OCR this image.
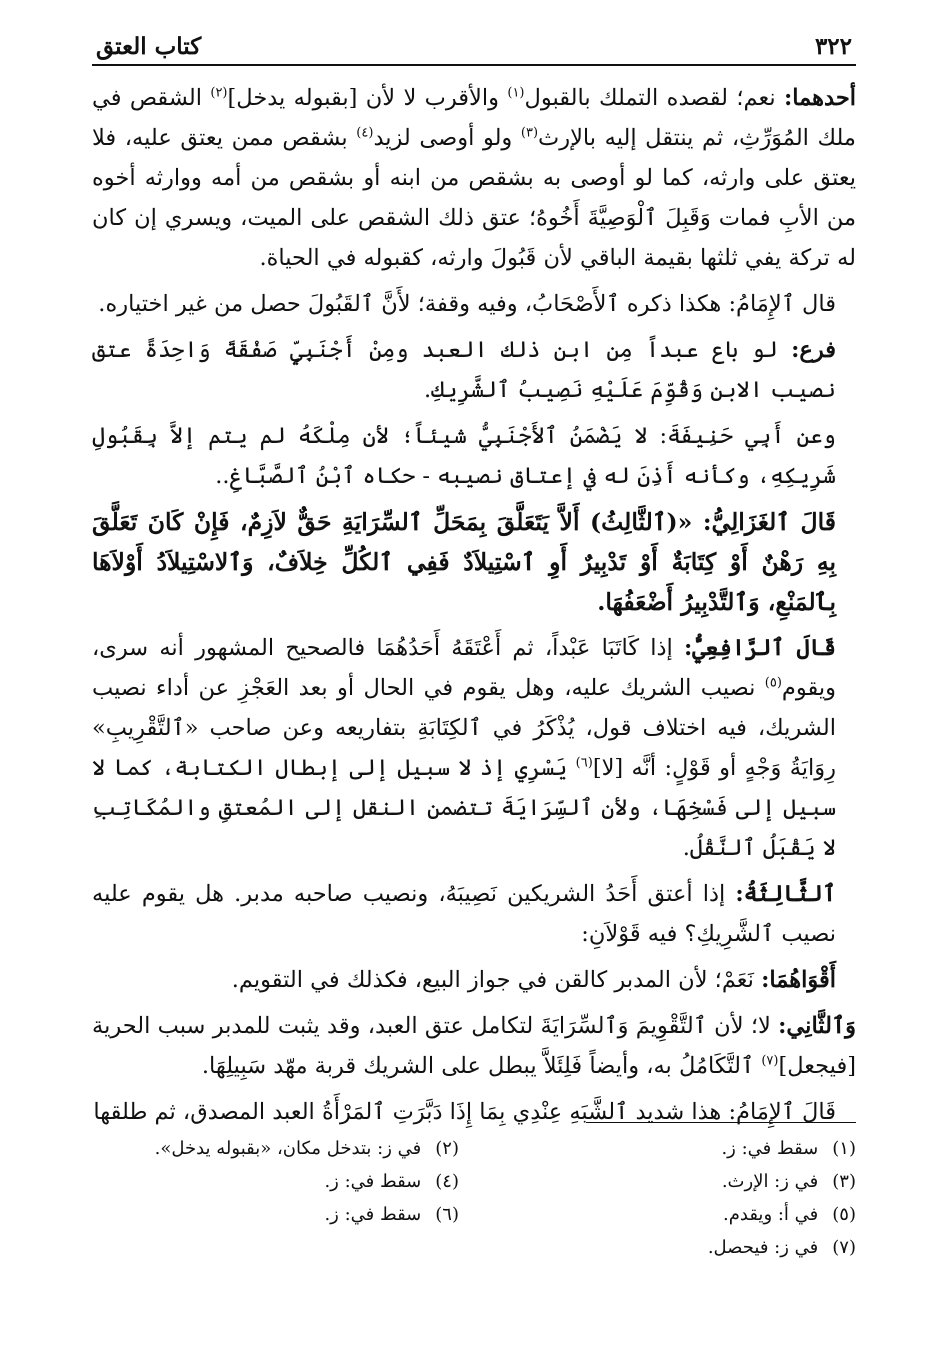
٣٢٢
كتاب العتق

أحدهما: نعم؛ لقصده التملك بالقبول$^{(١)}$ والأقرب لا لأن [بقبوله يدخل]$^{(٢)}$ الشقص في ملك المُوَرِّثِ، ثم ينتقل إليه بالإرث$^{(٣)}$ ولو أوصى لزيد$^{(٤)}$ بشقص ممن يعتق عليه، فلا يعتق على وارثه، كما لو أوصى به بشقص من ابنه أو بشقص من أمه ووارثه أخوه من الأبِ فمات وَقَبِلَ ٱلْوَصِيَّةَ أَخُوهُ؛ عتق ذلك الشقص على الميت، ويسري إن كان له تركة يفي ثلثها بقيمة الباقي لأن قَبُولَ وارثه، كقبوله في الحياة.

قال ٱلإِمَامُ: هكذا ذكره ٱلأَصْحَابُ، وفيه وقفة؛ لأَنَّ ٱلقَبُولَ حصل من غير اختياره.

فرع: لو باع عبداً مِن ابن ذلك العبد ومِنْ أَجْنَبِيٍّ صَفْقَةً وَاحِدَةً عتق نصيب الابن وَقُوِّمَ عَلَيْهِ نَصِيبُ ٱلشَّرِيكِ.

وعن أَبِي حَنِيفَةَ: لا يَضْمَنُ ٱلأَجْنَبِيُّ شيئاً؛ لأن مِلْكَهُ لم يتم إلاَّ بِقَبُولِ شَرِيكِهِ، وكأنه أَذِنَ له في إعتاق نصيبه - حكاه ٱبْنُ ٱلصَّبَّاغِ..

قَالَ ٱلغَزَالِيُّ: «(ٱلثَّالِثُ) أَلاَّ يَتَعَلَّقَ بِمَحَلِّ ٱلسِّرَايَةِ حَقٌّ لاَزِمٌ، فَإِنْ كَانَ تَعَلَّقَ بِهِ رَهْنٌ أَوْ كِتَابَةٌ أَوْ تَدْبِيرٌ أَوِ ٱسْتِيلاَدٌ فَفِي ٱلكُلِّ خِلاَفٌ، وَٱلاسْتِيلاَدُ أَوْلاَهَا بِٱلمَنْعِ، وَٱلتَّدْبِيرُ أَضْعَفُهَا.

قَالَ ٱلرَّافِعِيُّ: إذا كَاتَبَا عَبْداً، ثم أَعْتَقَهُ أَحَدُهُمَا فالصحيح المشهور أنه سرى، ويقوم$^{(٥)}$ نصيب الشريك عليه، وهل يقوم في الحال أو بعد العَجْزِ عن أداء نصيب الشريك، فيه اختلاف قول، يُذْكَرُ في ٱلكِتَابَةِ بتفاريعه وعن صاحب «ٱلتَّقْرِيبِ» رِوَايَةُ وَجْهٍ أو قَوْلٍ: أنَّه [لا]$^{(٦)}$ يَسْرِي إذ لا سبيل إلى إبطال الكتابة، كما لا سبيل إلى فَسْخِهَا، ولأن ٱلسِّرَايَةَ تتضمن النقل إلى المُعتقِ والمُكَاتِبِ لا يَقْبَلُ ٱلنَّقْلُ.

ٱلثَّالِثَةُ: إذا أعتق أَحَدُ الشريكين نَصِيبَهُ، ونصيب صاحبه مدبر. هل يقوم عليه نصيب ٱلشَّرِيكِ؟ فيه قَوْلاَنِ:

أَقْوَاهُمَا: نَعَمْ؛ لأن المدبر كالقن في جواز البيع، فكذلك في التقويم.

وَٱلثَّانِي: لا؛ لأن ٱلتَّقْوِيمَ وَٱلسِّرَايَةَ لتكامل عتق العبد، وقد يثبت للمدبر سبب الحرية [فيجعل]$^{(٧)}$ ٱلتَّكَامُلُ به، وأيضاً فَلِئَلاَّ يبطل على الشريك قربة مهّد سَبِيلِهَا.

قَالَ ٱلإِمَامُ: هذا شديد ٱلشَّبَهِ عِنْدِي بِمَا إِذَا دَبَّرَتِ ٱلمَرْأَةُ العبد المصدق، ثم طلقها

(١)
سقط في: ز.
(٢)
في ز: بتدخل مكان، «بقبوله يدخل».
(٣)
في ز: الإرث.
(٤)
سقط في: ز.
(٥)
في أ: ويقدم.
(٦)
سقط في: ز.
(٧)
في ز: فيحصل.
